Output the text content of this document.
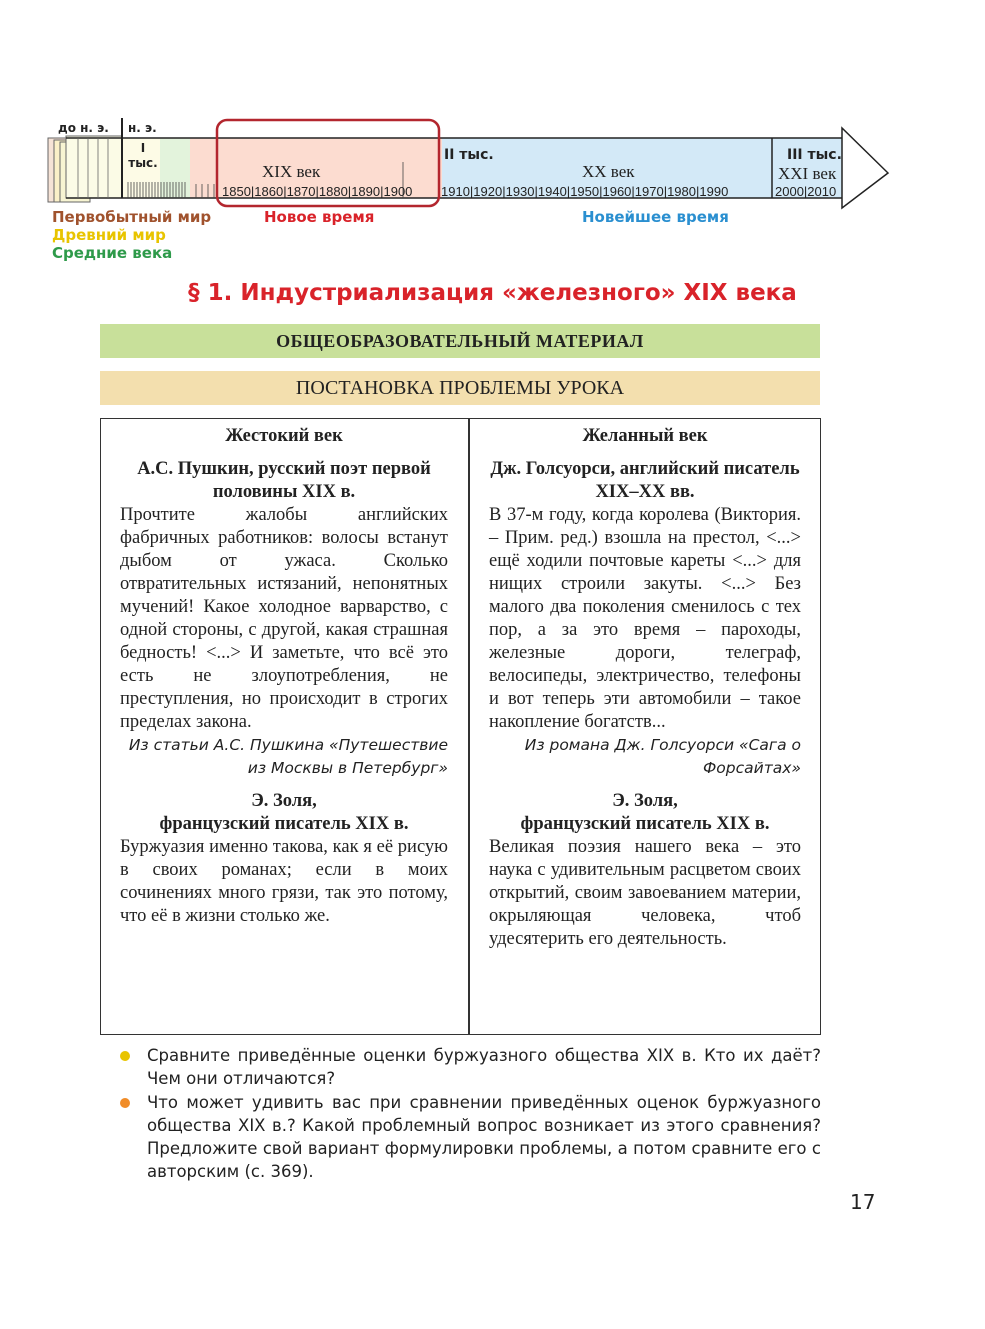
до н. э. н. э.
I тыс.	II тыс.	III тыс.
XIX век	XX век	XXI век
1850|1860|1870|1880|1890|1900 1910|1920|1930|1940|1950|1960|1970|1980|1990	2000|2010
Первобытный мир
Древний мир
Средние века
Новое время	Новейшее время
§ 1. Индустриализация «железного» XIX века
ОБЩЕОБРАЗОВАТЕЛЬНЫЙ МАТЕРИАЛ
ПОСТАНОВКА ПРОБЛЕМЫ УРОКА
Жестокий век
А.С. Пушкин, русский поэт первой половины XIX в.
Прочтите жалобы английских фабричных работников: волосы встанут дыбом от ужаса. Сколько отвратительных истязаний, непонятных мучений! Какое холодное варварство, с одной стороны, с другой, какая страшная бедность! <...> И заметьте, что всё это есть не злоупотребления, не преступления, но происходит в строгих пределах закона.
Из статьи А.С. Пушкина «Путешествие из Москвы в Петербург»
Э. Золя,
французский писатель XIX в.
Буржуазия именно такова, как я её рисую в своих романах; если в моих сочинениях много грязи, так это потому, что её в жизни столько же.
Желанный век
Дж. Голсуорси, английский писатель XIX–XX вв.
В 37-м году, когда королева (Виктория. – Прим. ред.) взошла на престол, <...> ещё ходили почтовые кареты <...> для нищих строили закуты. <...> Без малого два поколения сменилось с тех пор, а за это время – пароходы, железные дороги, телеграф, велосипеды, электричество, телефоны и вот теперь эти автомобили – такое накопление богатств...
Из романа Дж. Голсуорси «Сага о Форсайтах»
Э. Золя,
французский писатель XIX в.
Великая поэзия нашего века – это наука с удивительным расцветом своих открытий, своим завоеванием материи, окрыляющая человека, чтоб удесятерить его деятельность.
Сравните приведённые оценки буржуазного общества XIX в. Кто их даёт? Чем они отличаются?
Что может удивить вас при сравнении приведённых оценок буржуазного общества XIX в.? Какой проблемный вопрос возникает из этого сравнения? Предложите свой вариант формулировки проблемы, а потом сравните его с авторским (с. 369).
17
